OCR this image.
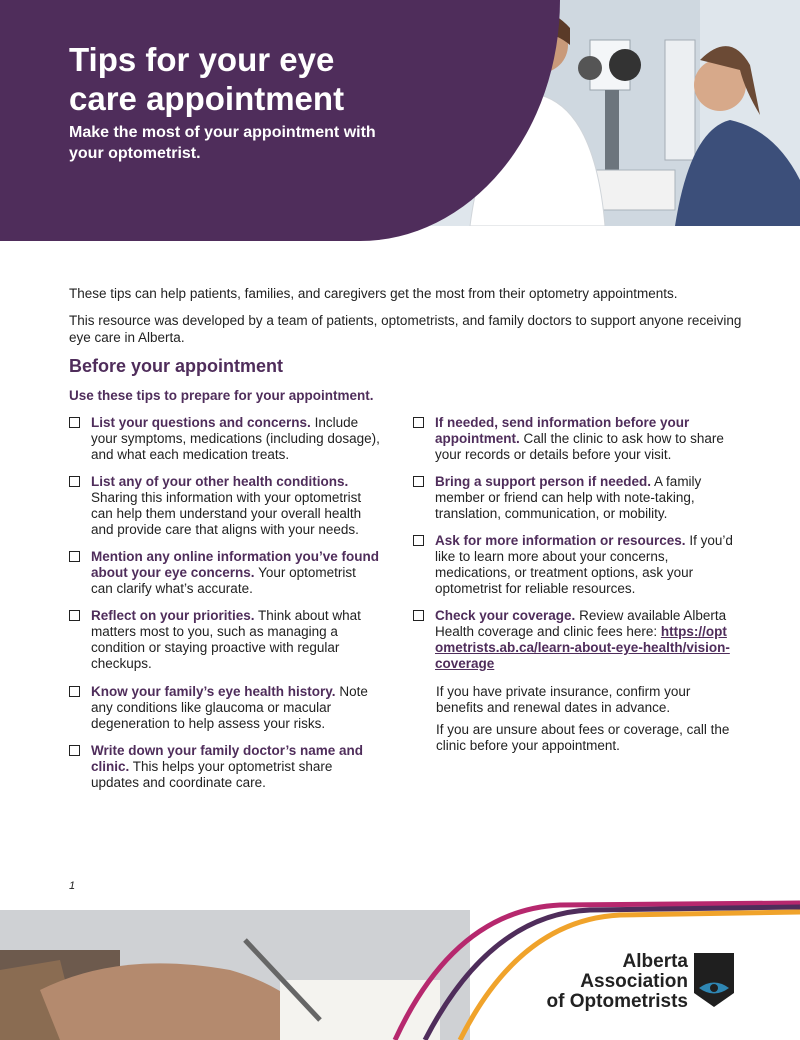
Tips for your eye care appointment

Make the most of your appointment with your optometrist.

These tips can help patients, families, and caregivers get the most from their optometry appointments.

This resource was developed by a team of patients, optometrists, and family doctors to support anyone receiving eye care in Alberta.

Before your appointment

Use these tips to prepare for your appointment.

List your questions and concerns. Include your symptoms, medications (including dosage), and what each medication treats.
List any of your other health conditions. Sharing this information with your optometrist can help them understand your overall health and provide care that aligns with your needs.
Mention any online information you’ve found about your eye concerns. Your optometrist can clarify what’s accurate.
Reflect on your priorities. Think about what matters most to you, such as managing a condition or staying proactive with regular checkups.
Know your family’s eye health history. Note any conditions like glaucoma or macular degeneration to help assess your risks.
Write down your family doctor’s name and clinic. This helps your optometrist share updates and coordinate care.
If needed, send information before your appointment. Call the clinic to ask how to share your records or details before your visit.
Bring a support person if needed. A family member or friend can help with note-taking, translation, communication, or mobility.
Ask for more information or resources. If you’d like to learn more about your concerns, medications, or treatment options, ask your optometrist for reliable resources.
Check your coverage. Review available Alberta Health coverage and clinic fees here: https://optometrists.ab.ca/learn-about-eye-health/vision-coverage

If you have private insurance, confirm your benefits and renewal dates in advance.

If you are unsure about fees or coverage, call the clinic before your appointment.

1
Alberta
Association
of Optometrists
